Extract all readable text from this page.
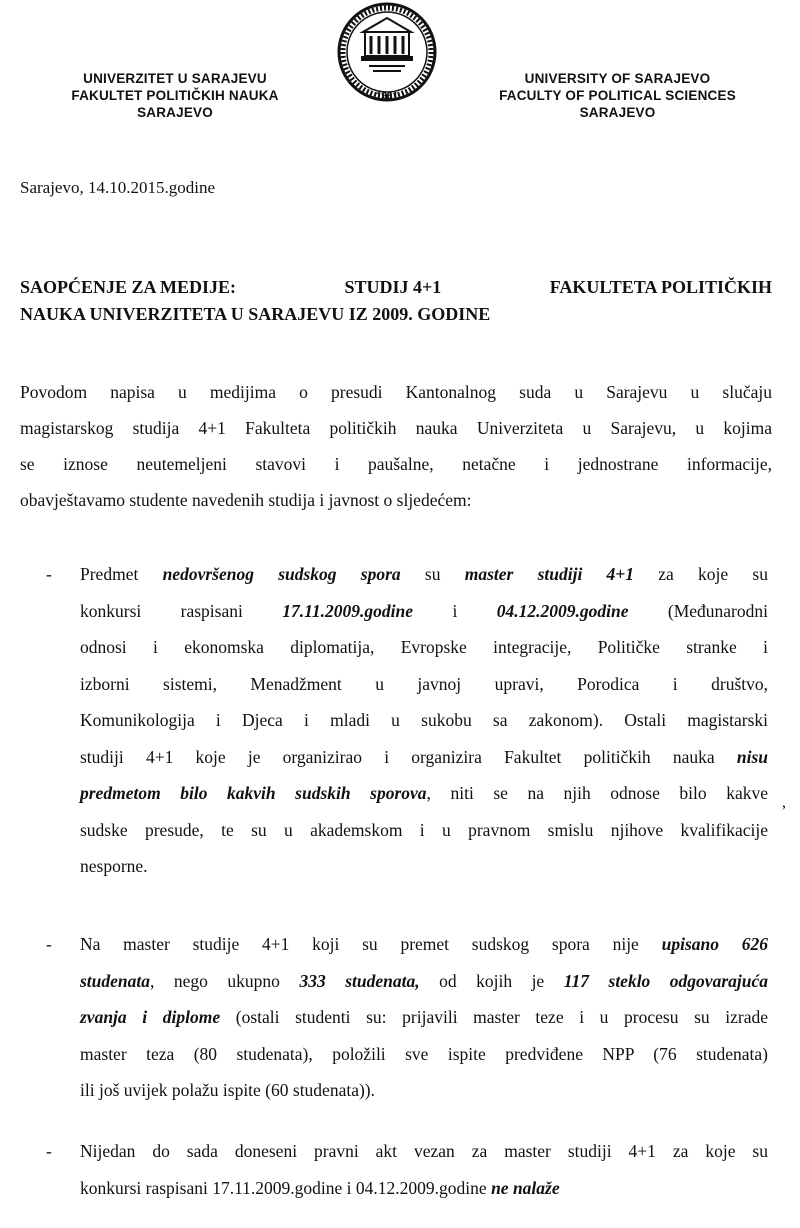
UNIVERZITET U SARAJEVU
FAKULTET POLITIČKIH NAUKA
SARAJEVO
1961
UNIVERSITY OF SARAJEVO
FACULTY OF POLITICAL SCIENCES
SARAJEVO
Sarajevo, 14.10.2015.godine
SAOPĆENJE ZA MEDIJE:	STUDIJ 4+1	FAKULTETA POLITIČKIH
NAUKA UNIVERZITETA U SARAJEVU IZ 2009. GODINE
Povodom napisa u medijima o presudi Kantonalnog suda u Sarajevu u slučaju
magistarskog studija 4+1 Fakulteta političkih nauka Univerziteta u Sarajevu, u kojima
se iznose neutemeljeni stavovi i paušalne, netačne i jednostrane informacije,
obavještavamo studente navedenih studija i javnost o sljedećem:
- Predmet nedovršenog sudskog spora su master studiji 4+1 za koje su
konkursi raspisani 17.11.2009.godine i 04.12.2009.godine (Međunarodni
odnosi i ekonomska diplomatija, Evropske integracije, Političke stranke i
izborni sistemi, Menadžment u javnoj upravi, Porodica i društvo,
Komunikologija i Djeca i mladi u sukobu sa zakonom). Ostali magistarski
studiji 4+1 koje je organizirao i organizira Fakultet političkih nauka nisu
predmetom bilo kakvih sudskih sporova, niti se na njih odnose bilo kakve
sudske presude, te su u akademskom i u pravnom smislu njihove kvalifikacije
nesporne.
,
- Na master studije 4+1 koji su premet sudskog spora nije upisano 626
studenata, nego ukupno 333 studenata, od kojih je 117 steklo odgovarajuća
zvanja i diplome (ostali studenti su: prijavili master teze i u procesu su izrade
master teza (80 studenata), položili sve ispite predviđene NPP (76 studenata)
ili još uvijek polažu ispite (60 studenata)).
- Nijedan do sada doneseni pravni akt vezan za master studiji 4+1 za koje su
konkursi raspisani 17.11.2009.godine i 04.12.2009.godine ne nalaže
